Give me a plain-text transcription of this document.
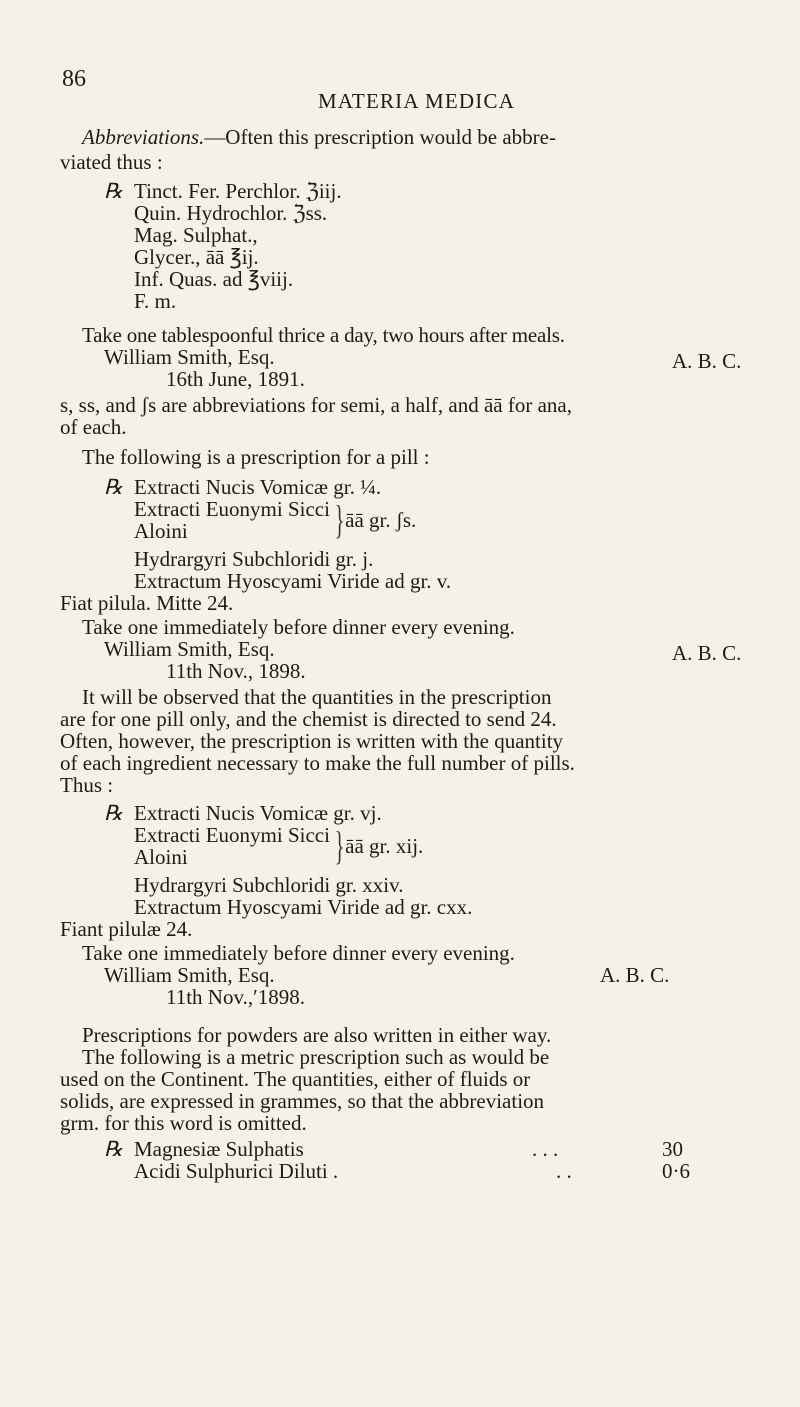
86
MATERIA MEDICA
Abbreviations.—Often this prescription would be abbre-
viated thus :
℞ Tinct. Fer. Perchlor. ℨiij.
Quin. Hydrochlor. ℨss.
Mag. Sulphat.,
Glycer., āā ℥ij.
Inf. Quas. ad ℥viij.
F. m.
Take one tablespoonful thrice a day, two hours after meals.
William Smith, Esq.	A. B. C.
16th June, 1891.
s, ss, and ʃs are abbreviations for semi, a half, and āā for ana,
of each.
The following is a prescription for a pill :
℞ Extracti Nucis Vomicæ gr. ¼.
Extracti Euonymi Sicci
Aloini	}āā gr. ʃs.
Hydrargyri Subchloridi gr. j.
Extractum Hyoscyami Viride ad gr. v.
Fiat pilula. Mitte 24.
Take one immediately before dinner every evening.
William Smith, Esq.	A. B. C.
11th Nov., 1898.
It will be observed that the quantities in the prescription
are for one pill only, and the chemist is directed to send 24.
Often, however, the prescription is written with the quantity
of each ingredient necessary to make the full number of pills.
Thus :
℞ Extracti Nucis Vomicæ gr. vj.
Extracti Euonymi Sicci
Aloini	}āā gr. xij.
Hydrargyri Subchloridi gr. xxiv.
Extractum Hyoscyami Viride ad gr. cxx.
Fiant pilulæ 24.
Take one immediately before dinner every evening.
William Smith, Esq.	A. B. C.
11th Nov.,ʹ1898.
Prescriptions for powders are also written in either way.
The following is a metric prescription such as would be
used on the Continent. The quantities, either of fluids or
solids, are expressed in grammes, so that the abbreviation
grm. for this word is omitted.
℞ Magnesiæ Sulphatis	. . .	30
Acidi Sulphurici Diluti .	. .	0·6
